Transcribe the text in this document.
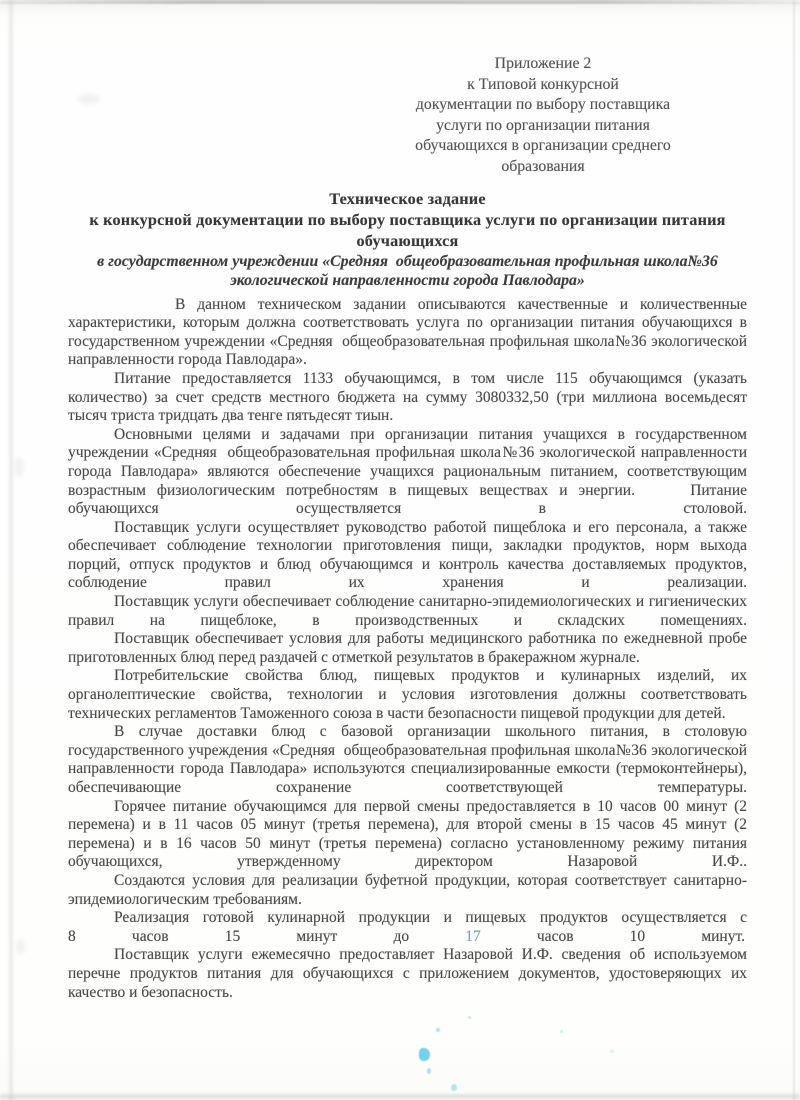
Приложение 2
к Типовой конкурсной
документации по выбору поставщика
услуги по организации питания
обучающихся в организации среднего
образования
Техническое задание
к конкурсной документации по выбору поставщика услуги по организации питания обучающихся
в государственном учреждении «Средняя  общеобразовательная профильная школа№36 экологической направленности города Павлодара»

В данном техническом задании описываются качественные и количественные характеристики, которым должна соответствовать услуга по организации питания обучающихся в государственном учреждении «Средняя  общеобразовательная профильная школа№36 экологической направленности города Павлодара».

Питание предоставляется 1133 обучающимся, в том числе 115 обучающимся (указать количество) за счет средств местного бюджета на сумму 3080332,50 (три миллиона восемьдесят тысяч триста тридцать два тенге пятьдесят тиын.

Основными целями и задачами при организации питания учащихся в государственном учреждении «Средняя  общеобразовательная профильная школа№36 экологической направленности города Павлодара» являются обеспечение учащихся рациональным питанием, соответствующим возрастным физиологическим потребностям в пищевых веществах и энергии.     Питание обучающихся осуществляется в столовой.

Поставщик услуги осуществляет руководство работой пищеблока и его персонала, а также обеспечивает соблюдение технологии приготовления пищи, закладки продуктов, норм выхода порций, отпуск продуктов и блюд обучающимся и контроль качества доставляемых продуктов, соблюдение правил их хранения и реализации.

Поставщик услуги обеспечивает соблюдение санитарно-эпидемиологических и гигиенических правил на пищеблоке, в производственных и складских помещениях.

Поставщик обеспечивает условия для работы медицинского работника по ежедневной пробе приготовленных блюд перед раздачей с отметкой результатов в бракеражном журнале.

Потребительские свойства блюд, пищевых продуктов и кулинарных изделий, их органолептические свойства, технологии и условия изготовления должны соответствовать технических регламентов Таможенного союза в части безопасности пищевой продукции для детей.

В случае доставки блюд с базовой организации школьного питания, в столовую государственного учреждения «Средняя  общеобразовательная профильная школа№36 экологической направленности города Павлодара» используются специализированные емкости (термоконтейнеры), обеспечивающие сохранение соответствующей температуры.

Горячее питание обучающимся для первой смены предоставляется в 10 часов 00 минут (2 перемена) и в 11 часов 05 минут (третья перемена), для второй смены в 15 часов 45 минут (2 перемена) и в 16 часов 50 минут (третья перемена) согласно установленному режиму питания обучающихся, утвержденному директором Назаровой И.Ф..

Создаются условия для реализации буфетной продукции, которая соответствует санитарно-эпидемиологическим требованиям.

Реализация готовой кулинарной продукции и пищевых продуктов осуществляется с

8	часов	15	минут	до	17	часов	10	минут.

Поставщик услуги ежемесячно предоставляет Назаровой И.Ф. сведения об используемом перечне продуктов питания для обучающихся с приложением документов, удостоверяющих их качество и безопасность.
